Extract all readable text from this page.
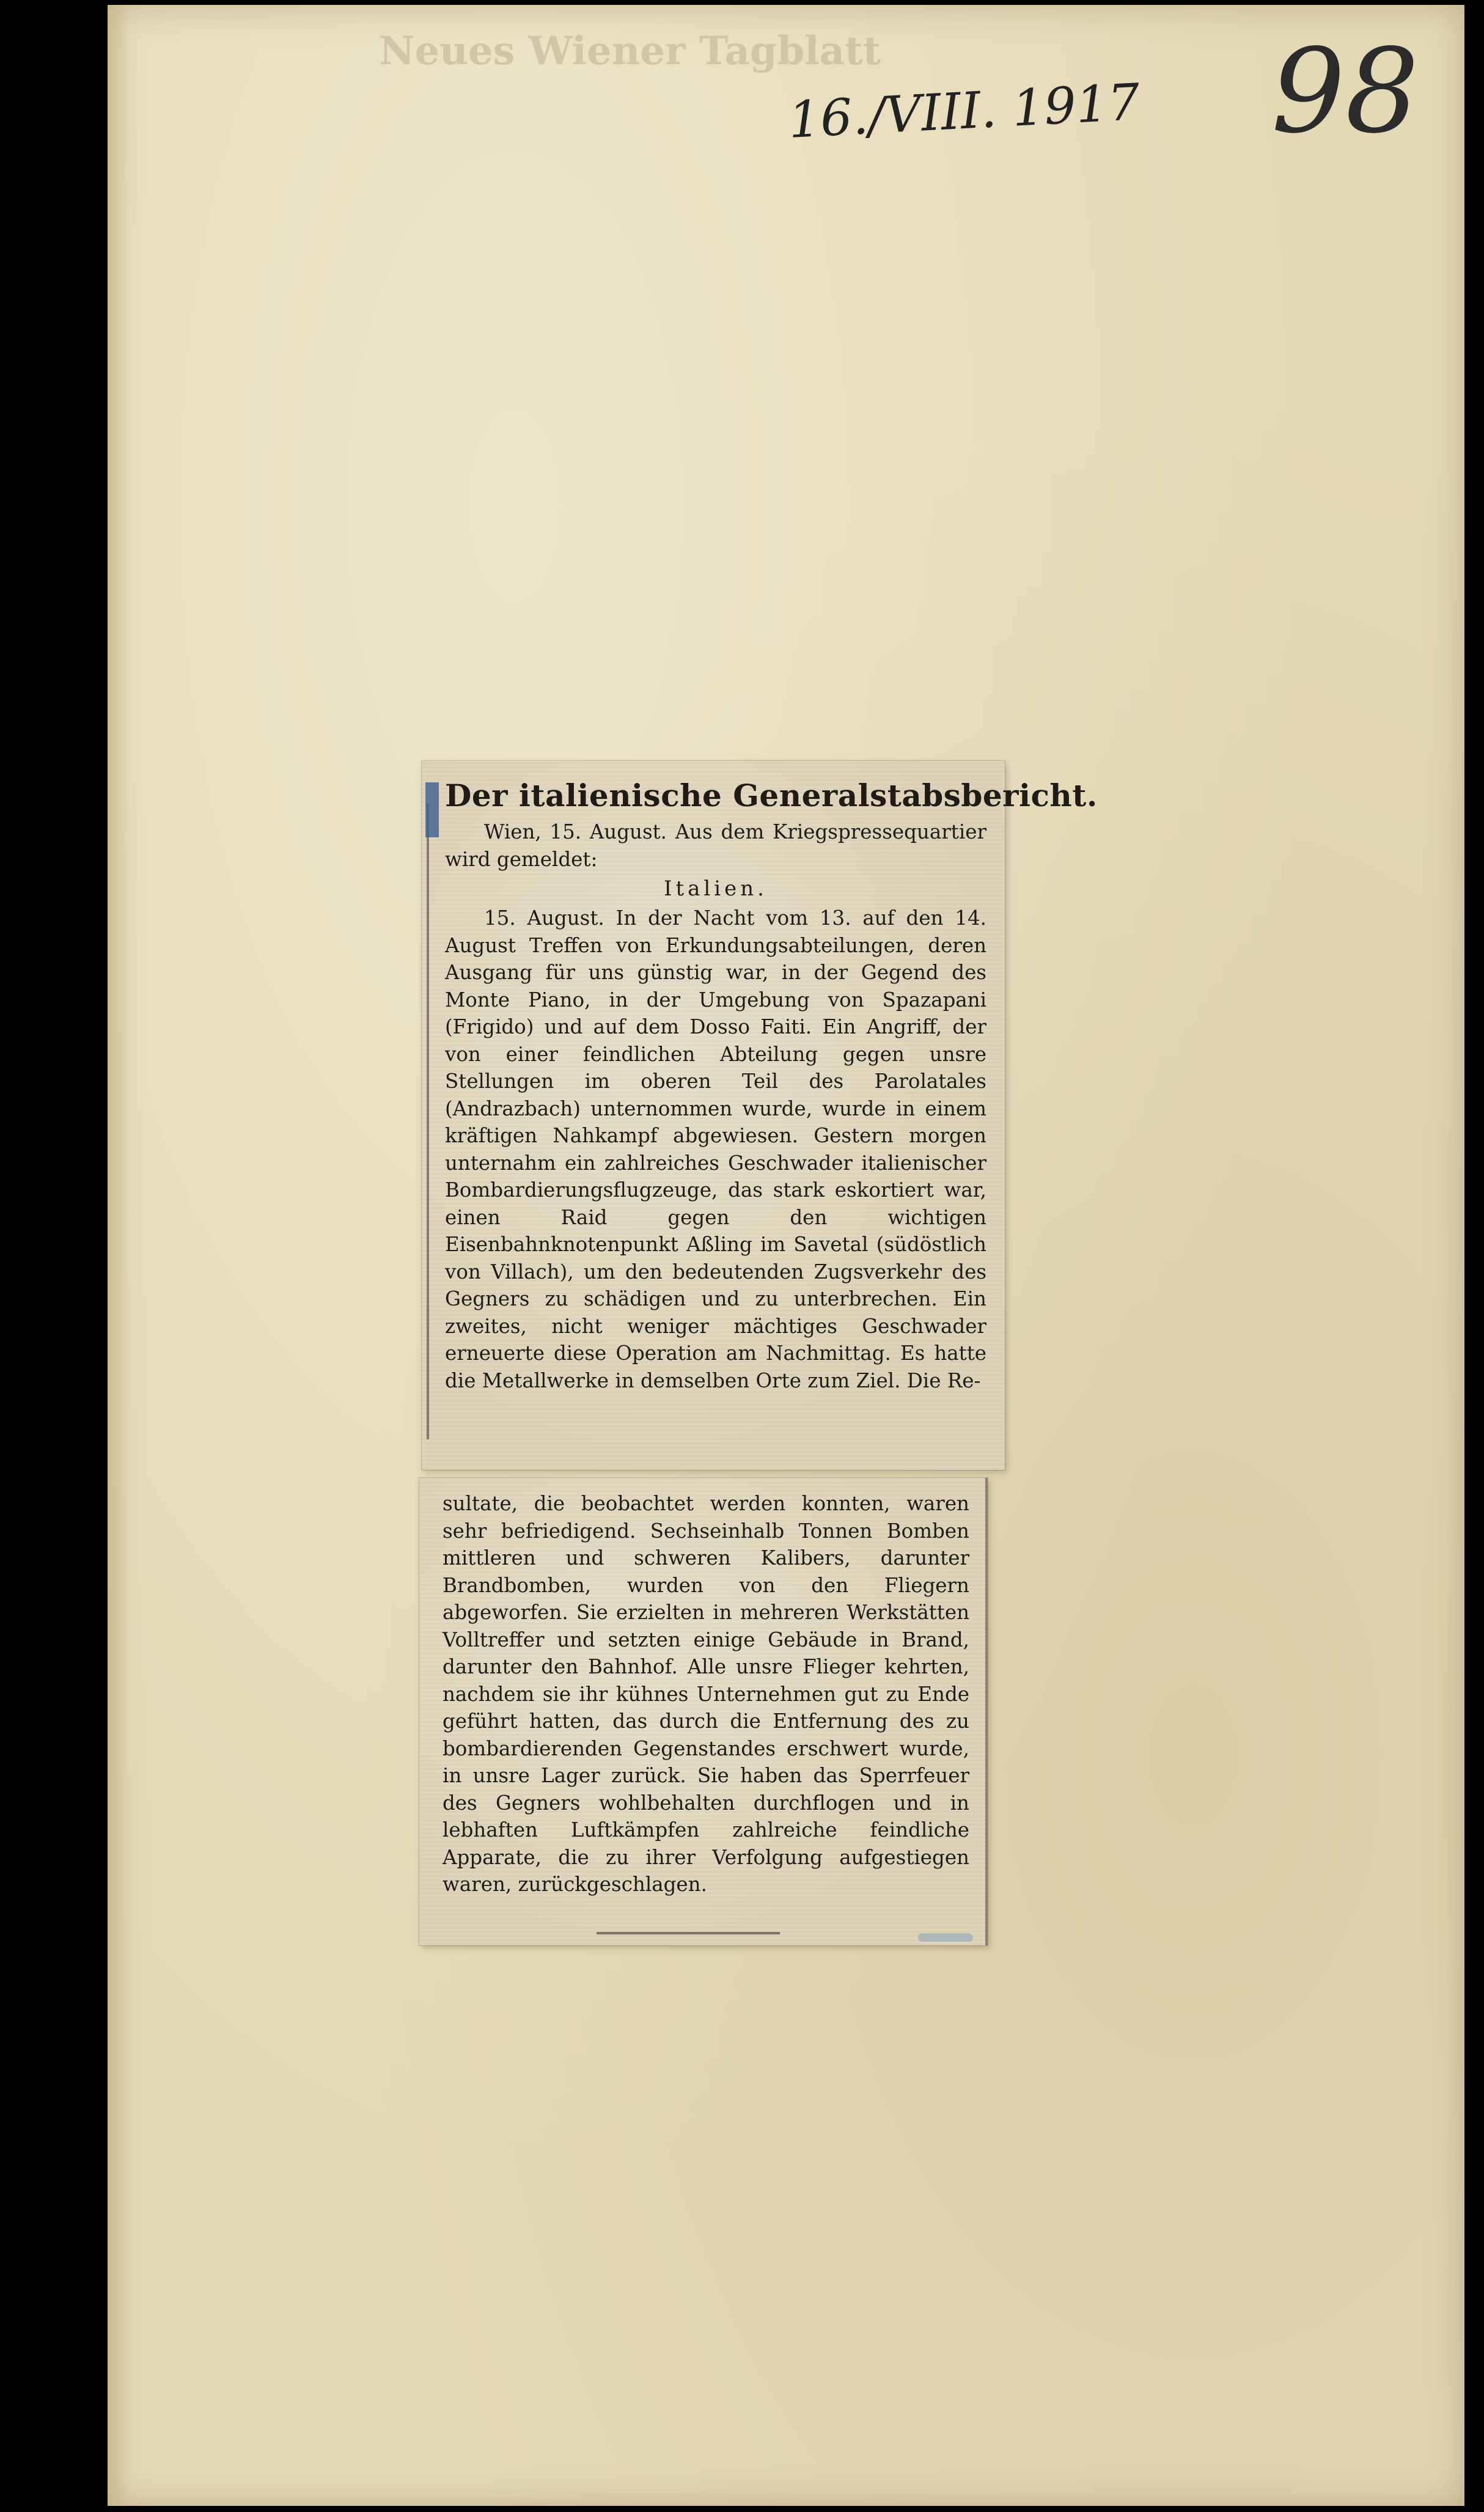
Neues Wiener Tagblatt
16./VIII. 1917 98
Der italienische Generalstabsbericht.

Wien, 15. August. Aus dem Kriegspressequartier wird gemeldet:

Italien.

15. August. In der Nacht vom 13. auf den 14. August Treffen von Erkundungsabteilungen, deren Ausgang für uns günstig war, in der Gegend des Monte Piano, in der Umgebung von Spazapani (Frigido) und auf dem Dosso Faiti. Ein Angriff, der von einer feindlichen Abteilung gegen unsre Stellungen im oberen Teil des Parolatales (Andrazbach) unternommen wurde, wurde in einem kräftigen Nahkampf abgewiesen. Gestern morgen unternahm ein zahlreiches Geschwader italienischer Bombardierungsflugzeuge, das stark eskortiert war, einen Raid gegen den wichtigen Eisenbahnknotenpunkt Aßling im Savetal (südöstlich von Villach), um den bedeutenden Zugsverkehr des Gegners zu schädigen und zu unterbrechen. Ein zweites, nicht weniger mächtiges Geschwader erneuerte diese Operation am Nachmittag. Es hatte die Metallwerke in demselben Orte zum Ziel. Die Re-

sultate, die beobachtet werden konnten, waren sehr befriedigend. Sechseinhalb Tonnen Bomben mittleren und schweren Kalibers, darunter Brandbomben, wurden von den Fliegern abgeworfen. Sie erzielten in mehreren Werkstätten Volltreffer und setzten einige Gebäude in Brand, darunter den Bahnhof. Alle unsre Flieger kehrten, nachdem sie ihr kühnes Unternehmen gut zu Ende geführt hatten, das durch die Entfernung des zu bombardierenden Gegenstandes erschwert wurde, in unsre Lager zurück. Sie haben das Sperrfeuer des Gegners wohlbehalten durchflogen und in lebhaften Luftkämpfen zahlreiche feindliche Apparate, die zu ihrer Verfolgung aufgestiegen waren, zurückgeschlagen.
